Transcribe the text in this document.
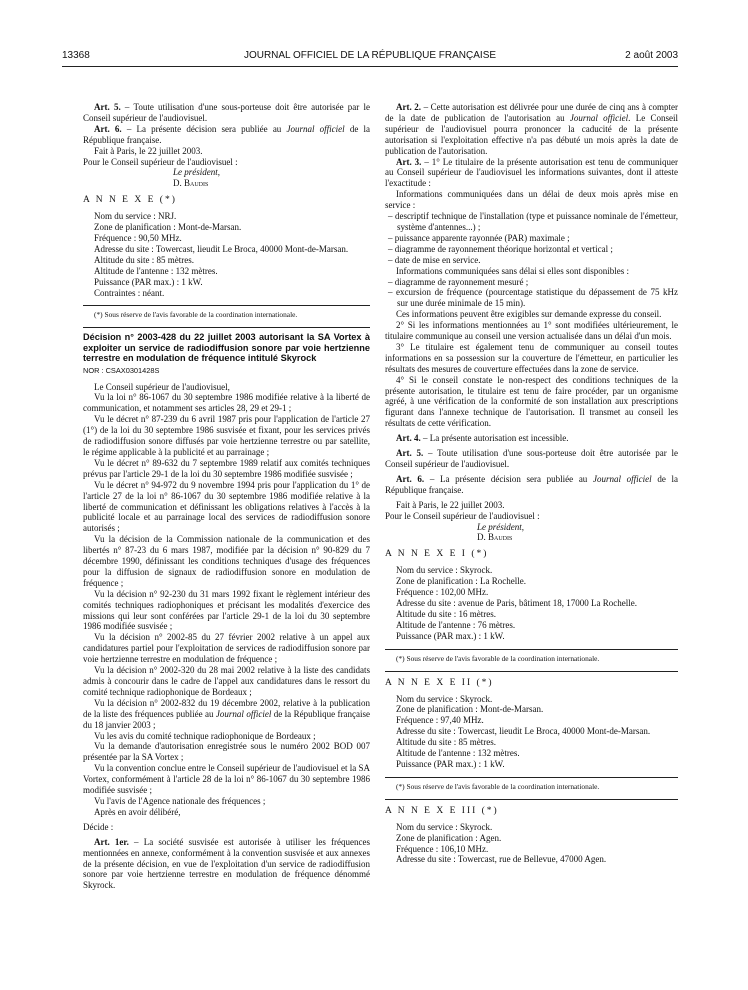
13368	JOURNAL OFFICIEL DE LA RÉPUBLIQUE FRANÇAISE	2 août 2003

Art. 5. – Toute utilisation d'une sous-porteuse doit être autorisée par le Conseil supérieur de l'audiovisuel.

Art. 6. – La présente décision sera publiée au Journal officiel de la République française.

Fait à Paris, le 22 juillet 2003.

Pour le Conseil supérieur de l'audiovisuel :

Le président,

D. Baudis

A N N E X E (*)

Nom du service : NRJ.

Zone de planification : Mont-de-Marsan.

Fréquence : 90,50 MHz.

Adresse du site : Towercast, lieudit Le Broca, 40000 Mont-de-Marsan.

Altitude du site : 85 mètres.

Altitude de l'antenne : 132 mètres.

Puissance (PAR max.) : 1 kW.

Contraintes : néant.

(*) Sous réserve de l'avis favorable de la coordination internationale.

Décision n° 2003-428 du 22 juillet 2003 autorisant la SA Vortex à exploiter un service de radiodiffusion sonore par voie hertzienne terrestre en modulation de fréquence intitulé Skyrock

NOR : CSAX0301428S

Le Conseil supérieur de l'audiovisuel,

Vu la loi n° 86-1067 du 30 septembre 1986 modifiée relative à la liberté de communication, et notamment ses articles 28, 29 et 29-1 ;

Vu le décret n° 87-239 du 6 avril 1987 pris pour l'application de l'article 27 (1°) de la loi du 30 septembre 1986 susvisée et fixant, pour les services privés de radiodiffusion sonore diffusés par voie hertzienne terrestre ou par satellite, le régime applicable à la publicité et au parrainage ;

Vu le décret n° 89-632 du 7 septembre 1989 relatif aux comités techniques prévus par l'article 29-1 de la loi du 30 septembre 1986 modifiée susvisée ;

Vu le décret n° 94-972 du 9 novembre 1994 pris pour l'application du 1° de l'article 27 de la loi n° 86-1067 du 30 septembre 1986 modifiée relative à la liberté de communication et définissant les obligations relatives à l'accès à la publicité locale et au parrainage local des services de radiodiffusion sonore autorisés ;

Vu la décision de la Commission nationale de la communication et des libertés n° 87-23 du 6 mars 1987, modifiée par la décision n° 90-829 du 7 décembre 1990, définissant les conditions techniques d'usage des fréquences pour la diffusion de signaux de radiodiffusion sonore en modulation de fréquence ;

Vu la décision n° 92-230 du 31 mars 1992 fixant le règlement intérieur des comités techniques radiophoniques et précisant les modalités d'exercice des missions qui leur sont conférées par l'article 29-1 de la loi du 30 septembre 1986 modifiée susvisée ;

Vu la décision n° 2002-85 du 27 février 2002 relative à un appel aux candidatures partiel pour l'exploitation de services de radiodiffusion sonore par voie hertzienne terrestre en modulation de fréquence ;

Vu la décision n° 2002-320 du 28 mai 2002 relative à la liste des candidats admis à concourir dans le cadre de l'appel aux candidatures dans le ressort du comité technique radiophonique de Bordeaux ;

Vu la décision n° 2002-832 du 19 décembre 2002, relative à la publication de la liste des fréquences publiée au Journal officiel de la République française du 18 janvier 2003 ;

Vu les avis du comité technique radiophonique de Bordeaux ;

Vu la demande d'autorisation enregistrée sous le numéro 2002 BOD 007 présentée par la SA Vortex ;

Vu la convention conclue entre le Conseil supérieur de l'audiovisuel et la SA Vortex, conformément à l'article 28 de la loi n° 86-1067 du 30 septembre 1986 modifiée susvisée ;

Vu l'avis de l'Agence nationale des fréquences ;

Après en avoir délibéré,

Décide :

Art. 1er. – La société susvisée est autorisée à utiliser les fréquences mentionnées en annexe, conformément à la convention susvisée et aux annexes de la présente décision, en vue de l'exploitation d'un service de radiodiffusion sonore par voie hertzienne terrestre en modulation de fréquence dénommé Skyrock.

Art. 2. – Cette autorisation est délivrée pour une durée de cinq ans à compter de la date de publication de l'autorisation au Journal officiel. Le Conseil supérieur de l'audiovisuel pourra prononcer la caducité de la présente autorisation si l'exploitation effective n'a pas débuté un mois après la date de publication de l'autorisation.

Art. 3. – 1° Le titulaire de la présente autorisation est tenu de communiquer au Conseil supérieur de l'audiovisuel les informations suivantes, dont il atteste l'exactitude :

Informations communiquées dans un délai de deux mois après mise en service :

– descriptif technique de l'installation (type et puissance nominale de l'émetteur, système d'antennes...) ;

– puissance apparente rayonnée (PAR) maximale ;

– diagramme de rayonnement théorique horizontal et vertical ;

– date de mise en service.

Informations communiquées sans délai si elles sont disponibles :

– diagramme de rayonnement mesuré ;

– excursion de fréquence (pourcentage statistique du dépassement de 75 kHz sur une durée minimale de 15 min).

Ces informations peuvent être exigibles sur demande expresse du conseil.

2° Si les informations mentionnées au 1° sont modifiées ultérieurement, le titulaire communique au conseil une version actualisée dans un délai d'un mois.

3° Le titulaire est également tenu de communiquer au conseil toutes informations en sa possession sur la couverture de l'émetteur, en particulier les résultats des mesures de couverture effectuées dans la zone de service.

4° Si le conseil constate le non-respect des conditions techniques de la présente autorisation, le titulaire est tenu de faire procéder, par un organisme agréé, à une vérification de la conformité de son installation aux prescriptions figurant dans l'annexe technique de l'autorisation. Il transmet au conseil les résultats de cette vérification.

Art. 4. – La présente autorisation est incessible.

Art. 5. – Toute utilisation d'une sous-porteuse doit être autorisée par le Conseil supérieur de l'audiovisuel.

Art. 6. – La présente décision sera publiée au Journal officiel de la République française.

Fait à Paris, le 22 juillet 2003.

Pour le Conseil supérieur de l'audiovisuel :

Le président,

D. Baudis

A N N E X E I (*)

Nom du service : Skyrock.

Zone de planification : La Rochelle.

Fréquence : 102,00 MHz.

Adresse du site : avenue de Paris, bâtiment 18, 17000 La Rochelle.

Altitude du site : 16 mètres.

Altitude de l'antenne : 76 mètres.

Puissance (PAR max.) : 1 kW.

(*) Sous réserve de l'avis favorable de la coordination internationale.

A N N E X E II (*)

Nom du service : Skyrock.

Zone de planification : Mont-de-Marsan.

Fréquence : 97,40 MHz.

Adresse du site : Towercast, lieudit Le Broca, 40000 Mont-de-Marsan.

Altitude du site : 85 mètres.

Altitude de l'antenne : 132 mètres.

Puissance (PAR max.) : 1 kW.

(*) Sous réserve de l'avis favorable de la coordination internationale.

A N N E X E III (*)

Nom du service : Skyrock.

Zone de planification : Agen.

Fréquence : 106,10 MHz.

Adresse du site : Towercast, rue de Bellevue, 47000 Agen.
